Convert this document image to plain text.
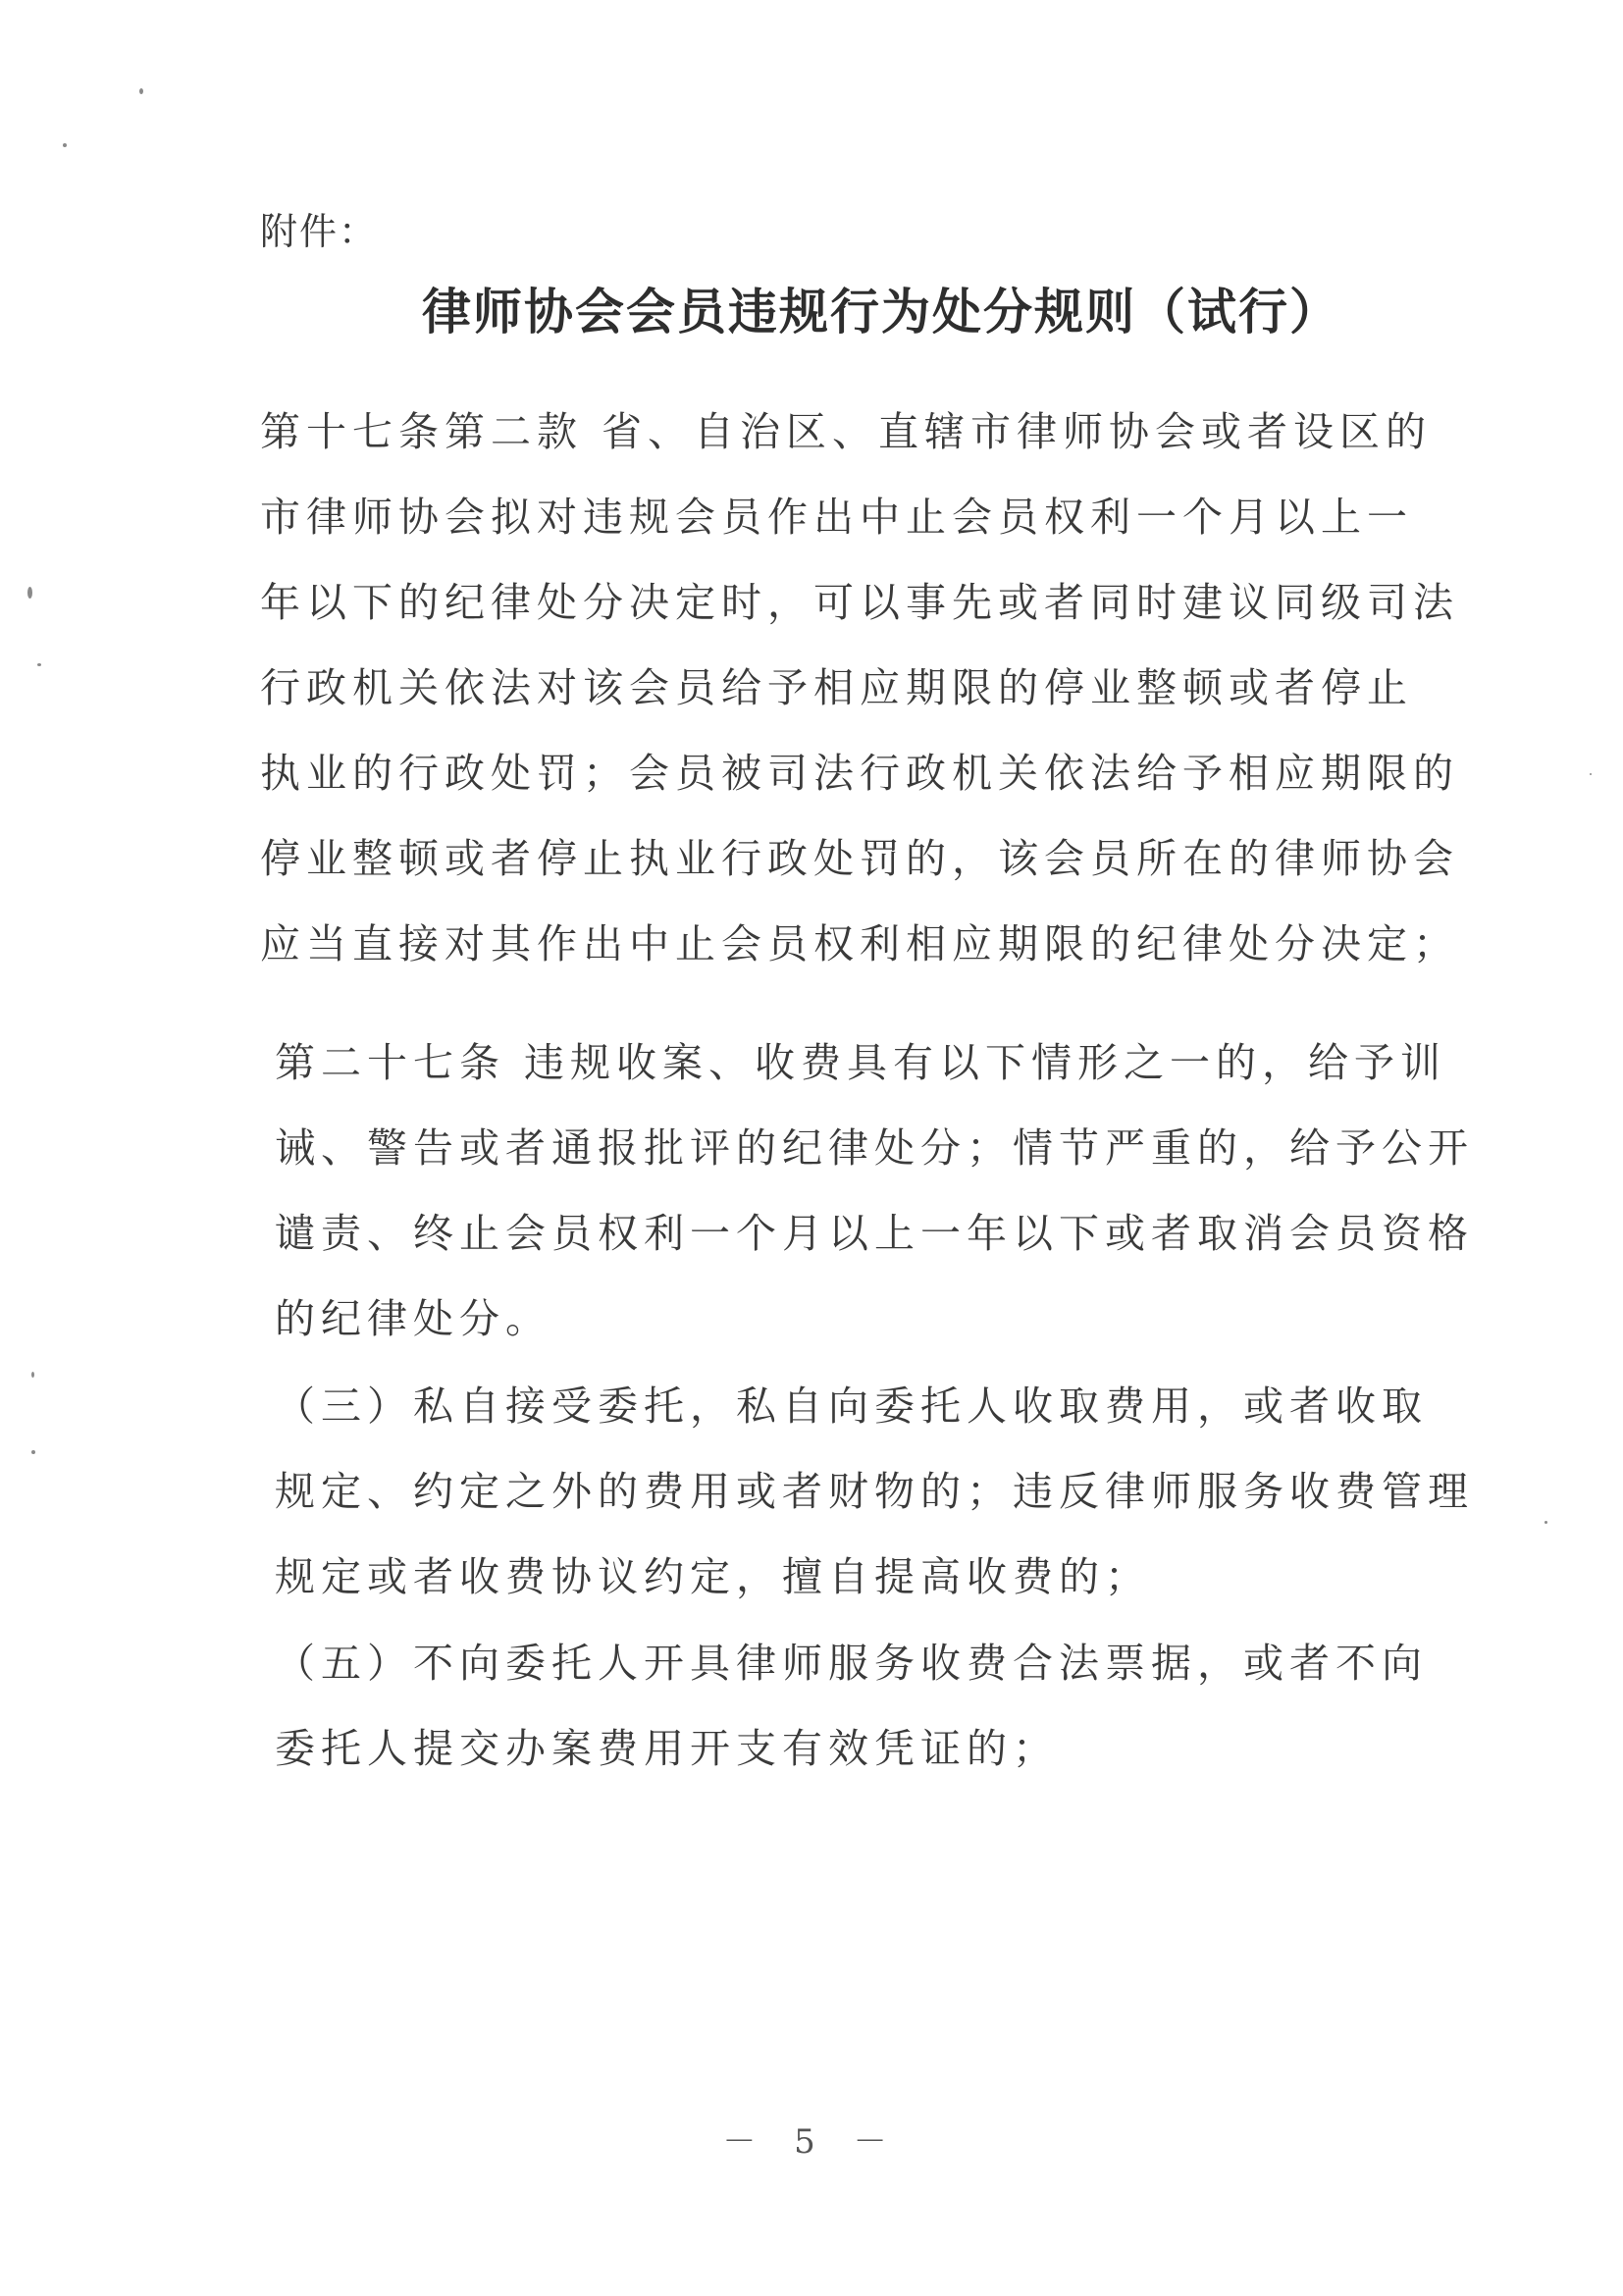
附件：
律师协会会员违规行为处分规则（试行）

第十七条第二款 省、自治区、直辖市律师协会或者设区的
市律师协会拟对违规会员作出中止会员权利一个月以上一
年以下的纪律处分决定时，可以事先或者同时建议同级司法
行政机关依法对该会员给予相应期限的停业整顿或者停止
执业的行政处罚；会员被司法行政机关依法给予相应期限的
停业整顿或者停止执业行政处罚的，该会员所在的律师协会
应当直接对其作出中止会员权利相应期限的纪律处分决定；

第二十七条 违规收案、收费具有以下情形之一的，给予训
诫、警告或者通报批评的纪律处分；情节严重的，给予公开
谴责、终止会员权利一个月以上一年以下或者取消会员资格
的纪律处分。

（三）私自接受委托，私自向委托人收取费用，或者收取
规定、约定之外的费用或者财物的；违反律师服务收费管理
规定或者收费协议约定，擅自提高收费的；

（五）不向委托人开具律师服务收费合法票据，或者不向
委托人提交办案费用开支有效凭证的；

－ 5 －
